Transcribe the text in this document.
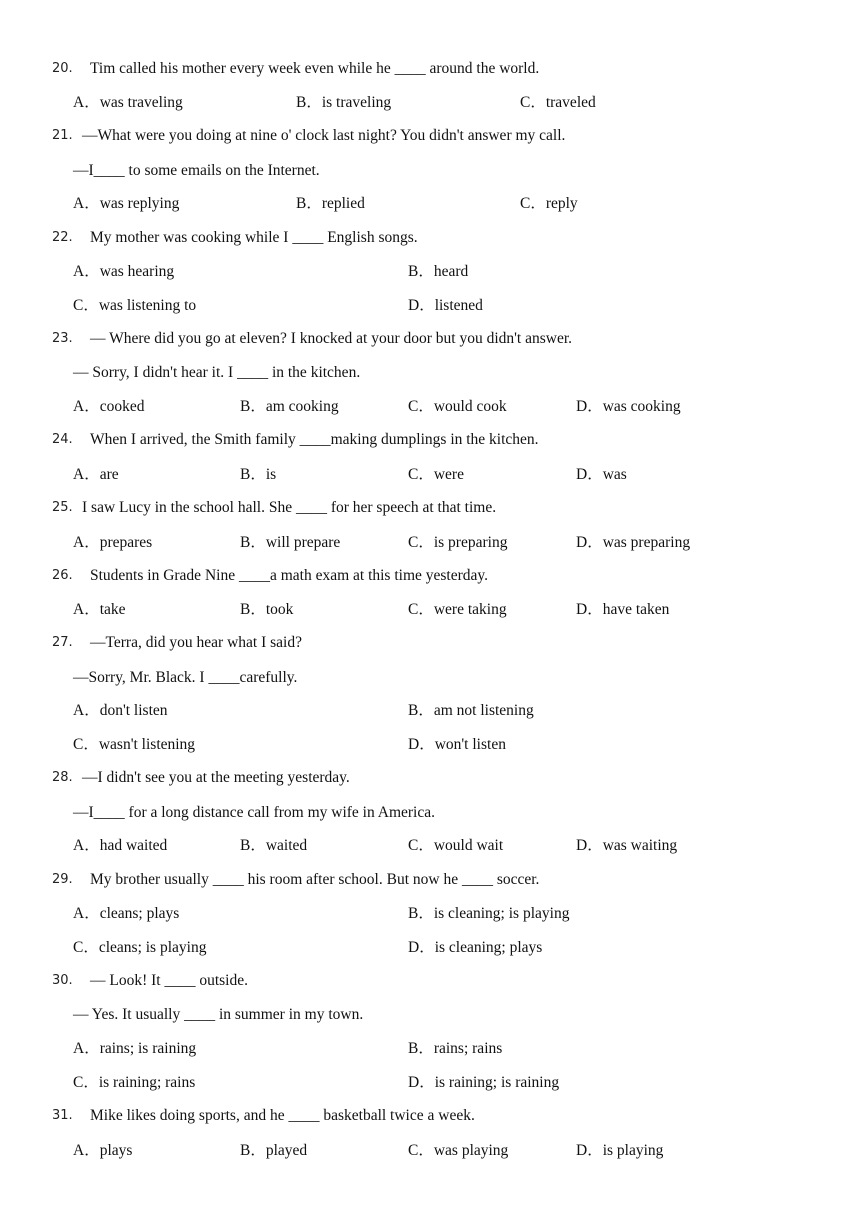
20. Tim called his mother every week even while he ____ around the world.
A．was traveling	B．is traveling	C．traveled
21. —What were you doing at nine o' clock last night? You didn't answer my call.
—I____ to some emails on the Internet.
A．was replying	B．replied	C．reply
22. My mother was cooking while I ____ English songs.
A．was hearing	B．heard
C．was listening to	D．listened
23. — Where did you go at eleven? I knocked at your door but you didn't answer.
— Sorry, I didn't hear it. I ____ in the kitchen.
A．cooked	B．am cooking	C．would cook	D．was cooking
24. When I arrived, the Smith family ____making dumplings in the kitchen.
A．are	B．is	C．were	D．was
25. I saw Lucy in the school hall. She ____ for her speech at that time.
A．prepares	B．will prepare	C．is preparing	D．was preparing
26. Students in Grade Nine ____a math exam at this time yesterday.
A．take	B．took	C．were taking	D．have taken
27. —Terra, did you hear what I said?
—Sorry, Mr. Black. I ____carefully.
A．don't listen	B．am not listening
C．wasn't listening	D．won't listen
28. —I didn't see you at the meeting yesterday.
—I____ for a long distance call from my wife in America.
A．had waited	B．waited	C．would wait	D．was waiting
29. My brother usually ____ his room after school. But now he ____ soccer.
A．cleans; plays	B．is cleaning; is playing
C．cleans; is playing	D．is cleaning; plays
30. — Look! It ____ outside.
— Yes. It usually ____ in summer in my town.
A．rains; is raining	B．rains; rains
C．is raining; rains	D．is raining; is raining
31. Mike likes doing sports, and he ____ basketball twice a week.
A．plays	B．played	C．was playing	D．is playing
